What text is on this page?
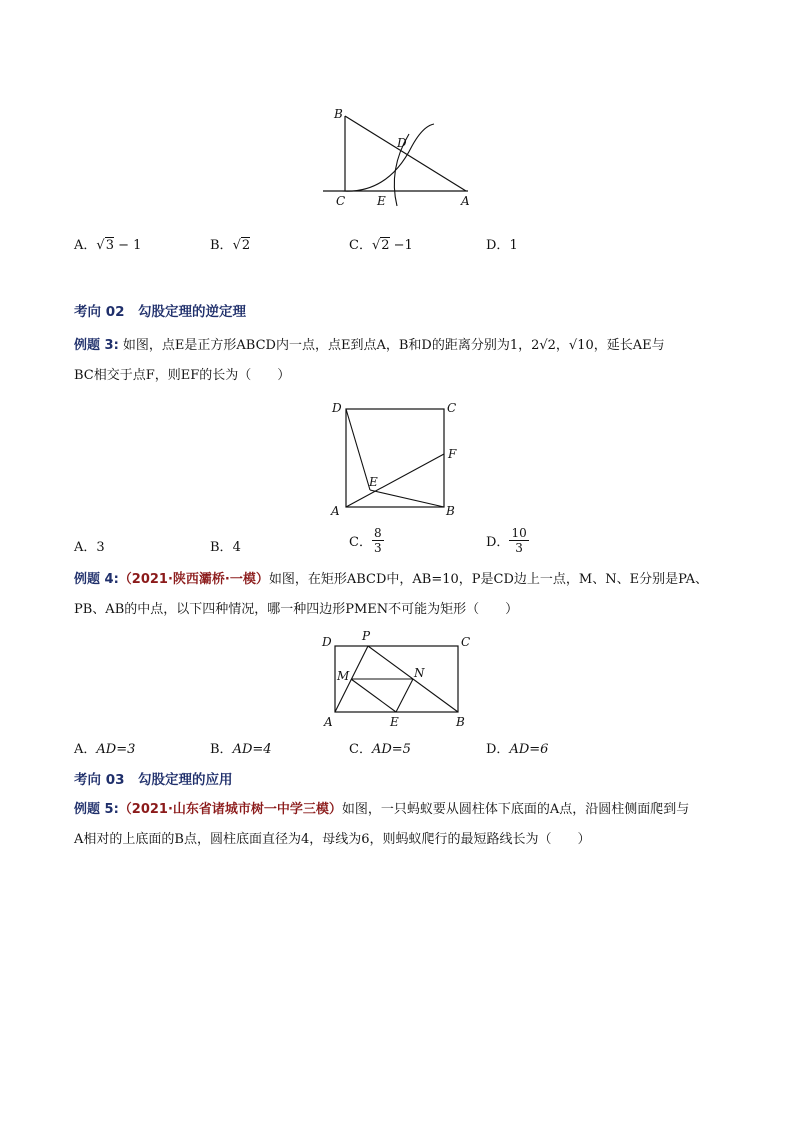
B
D
C	E	A
A．√3 − 1	B．√2	C．√2 −1	D．1
考向 02　勾股定理的逆定理
例题 3: 如图，点E是正方形ABCD内一点，点E到点A，B和D的距离分别为1，2√2，√10，延长AE与
BC相交于点F，则EF的长为（　　）
D	C
F
E
A	B
A．3	B．4	C． $\frac{8}{3}$	D． $\frac{10}{3}$
例题 4:（2021·陕西灞桥·一模）如图，在矩形ABCD中，AB=10，P是CD边上一点，M、N、E分别是PA、
PB、AB的中点，以下四种情况，哪一种四边形PMEN不可能为矩形（　　）
D	P	C
M	N
A	E	B
A．AD=3	B．AD=4	C．AD=5	D．AD=6
考向 03　勾股定理的应用
例题 5:（2021·山东省诸城市树一中学三模）如图，一只蚂蚁要从圆柱体下底面的A点，沿圆柱侧面爬到与
A相对的上底面的B点，圆柱底面直径为4，母线为6，则蚂蚁爬行的最短路线长为（　　）
